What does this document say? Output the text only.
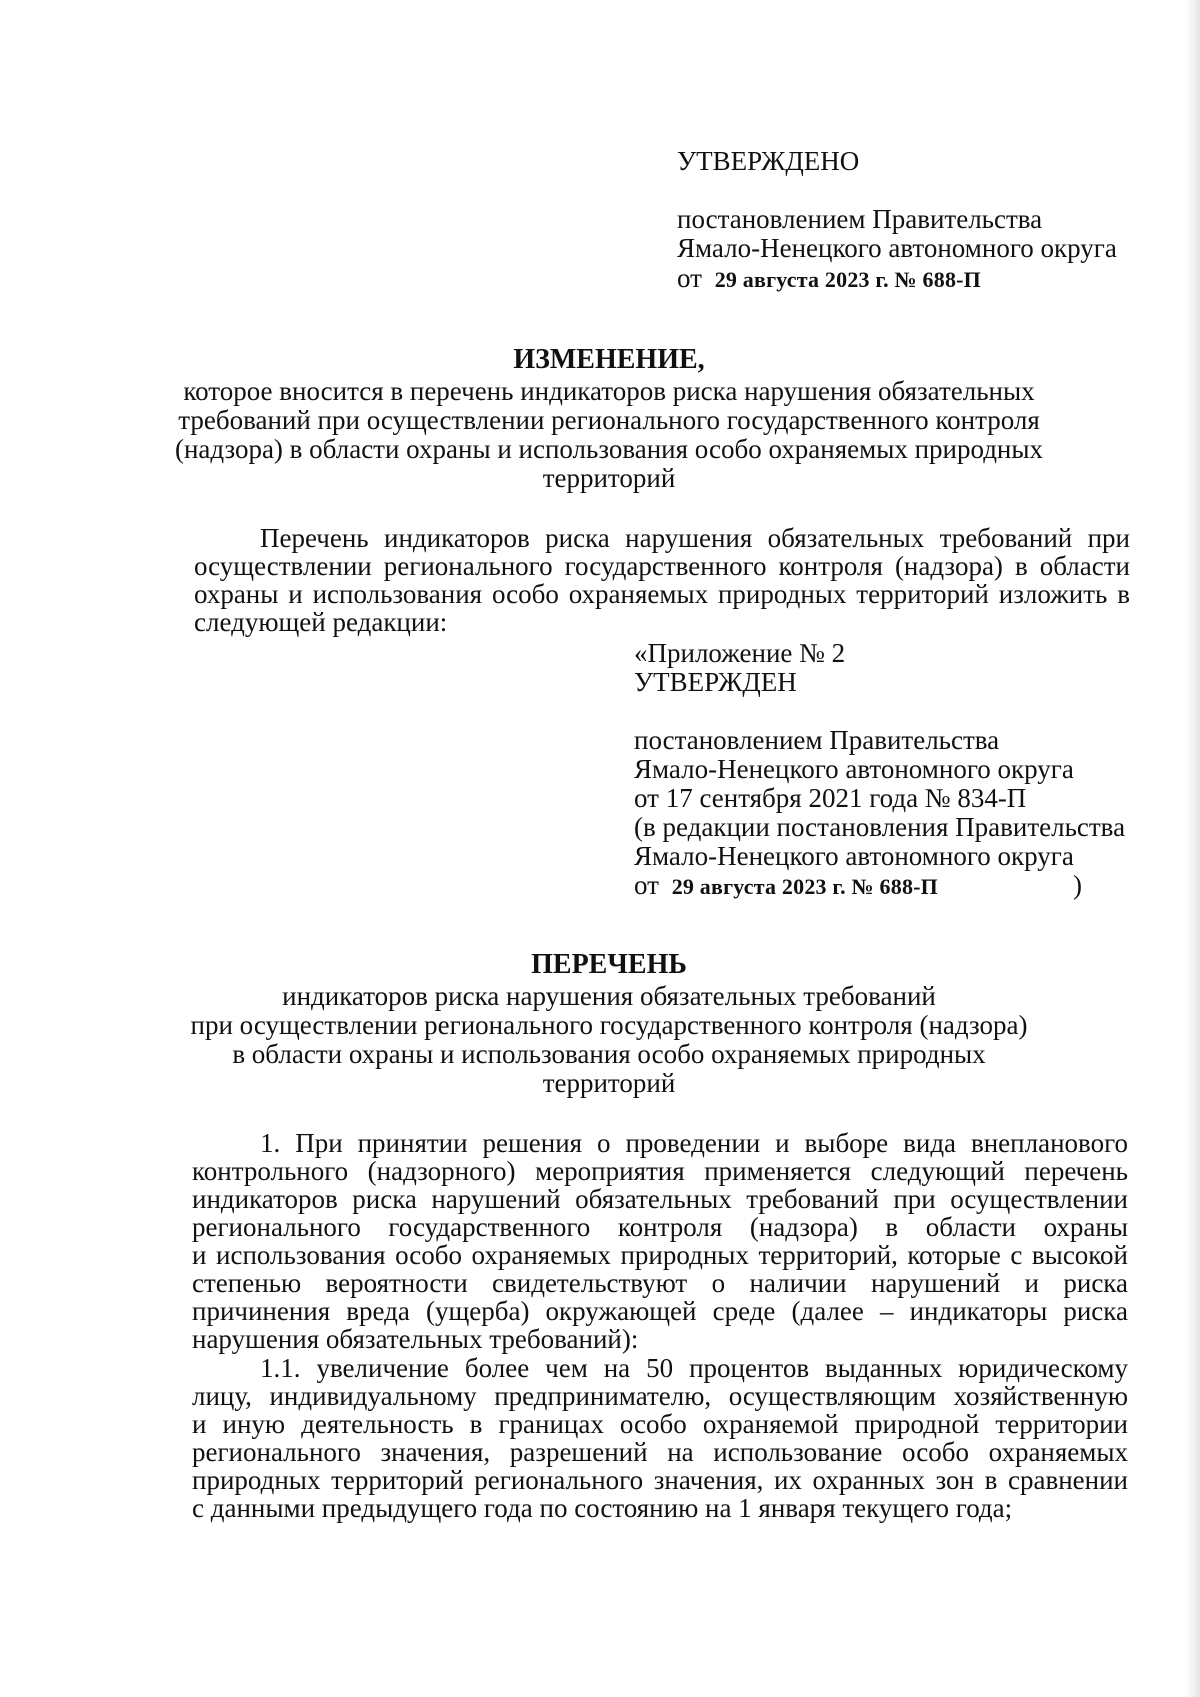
УТВЕРЖДЕНО
постановлением Правительства
Ямало-Ненецкого автономного округа
от 29 августа 2023 г. № 688-П
ИЗМЕНЕНИЕ,
которое вносится в перечень индикаторов риска нарушения обязательных
требований при осуществлении регионального государственного контроля
(надзора) в области охраны и использования особо охраняемых природных
территорий
Перечень индикаторов риска нарушения обязательных требований при
осуществлении регионального государственного контроля (надзора) в области
охраны и использования особо охраняемых природных территорий изложить в
следующей редакции:
«Приложение № 2
УТВЕРЖДЕН
постановлением Правительства
Ямало-Ненецкого автономного округа
от 17 сентября 2021 года № 834-П
(в редакции постановления Правительства
Ямало-Ненецкого автономного округа
от 29 августа 2023 г. № 688-П	)
ПЕРЕЧЕНЬ
индикаторов риска нарушения обязательных требований
при осуществлении регионального государственного контроля (надзора)
в области охраны и использования особо охраняемых природных
территорий
1. При принятии решения о проведении и выборе вида внепланового
контрольного (надзорного) мероприятия применяется следующий перечень
индикаторов риска нарушений обязательных требований при осуществлении
регионального государственного контроля (надзора) в области охраны
и использования особо охраняемых природных территорий, которые с высокой
степенью вероятности свидетельствуют о наличии нарушений и риска
причинения вреда (ущерба) окружающей среде (далее – индикаторы риска
нарушения обязательных требований):
1.1. увеличение более чем на 50 процентов выданных юридическому
лицу, индивидуальному предпринимателю, осуществляющим хозяйственную
и иную деятельность в границах особо охраняемой природной территории
регионального значения, разрешений на использование особо охраняемых
природных территорий регионального значения, их охранных зон в сравнении
с данными предыдущего года по состоянию на 1 января текущего года;
